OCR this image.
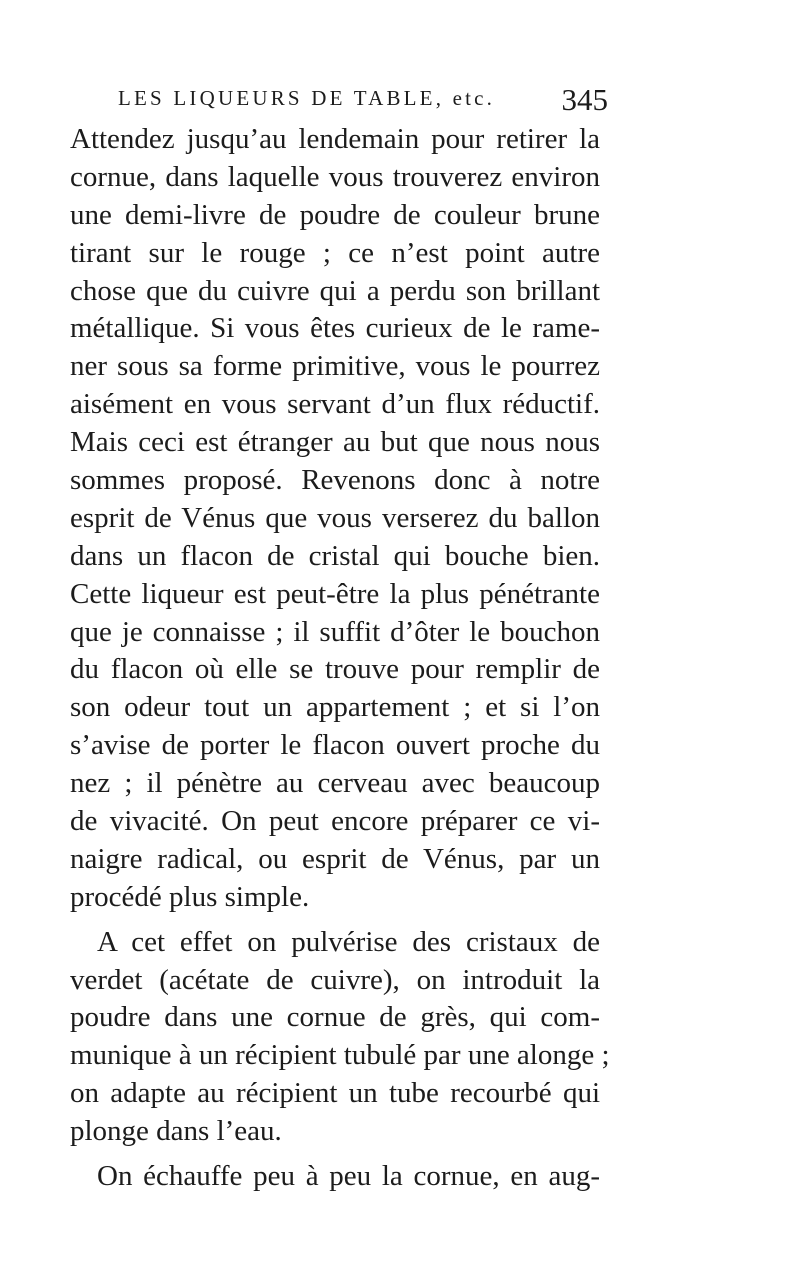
LES LIQUEURS DE TABLE, etc. 345
Attendez jusqu’au lendemain pour retirer la
cornue, dans laquelle vous trouverez environ
une demi-livre de poudre de couleur brune
tirant sur le rouge ; ce n’est point autre
chose que du cuivre qui a perdu son brillant
métallique. Si vous êtes curieux de le rame-
ner sous sa forme primitive, vous le pourrez
aisément en vous servant d’un flux réductif.
Mais ceci est étranger au but que nous nous
sommes proposé. Revenons donc à notre
esprit de Vénus que vous verserez du ballon
dans un flacon de cristal qui bouche bien.
Cette liqueur est peut-être la plus pénétrante
que je connaisse ; il suffit d’ôter le bouchon
du flacon où elle se trouve pour remplir de
son odeur tout un appartement ; et si l’on
s’avise de porter le flacon ouvert proche du
nez ; il pénètre au cerveau avec beaucoup
de vivacité. On peut encore préparer ce vi-
naigre radical, ou esprit de Vénus, par un
procédé plus simple.
A cet effet on pulvérise des cristaux de
verdet (acétate de cuivre), on introduit la
poudre dans une cornue de grès, qui com-
munique à un récipient tubulé par une alonge ;
on adapte au récipient un tube recourbé qui
plonge dans l’eau.
On échauffe peu à peu la cornue, en aug-
